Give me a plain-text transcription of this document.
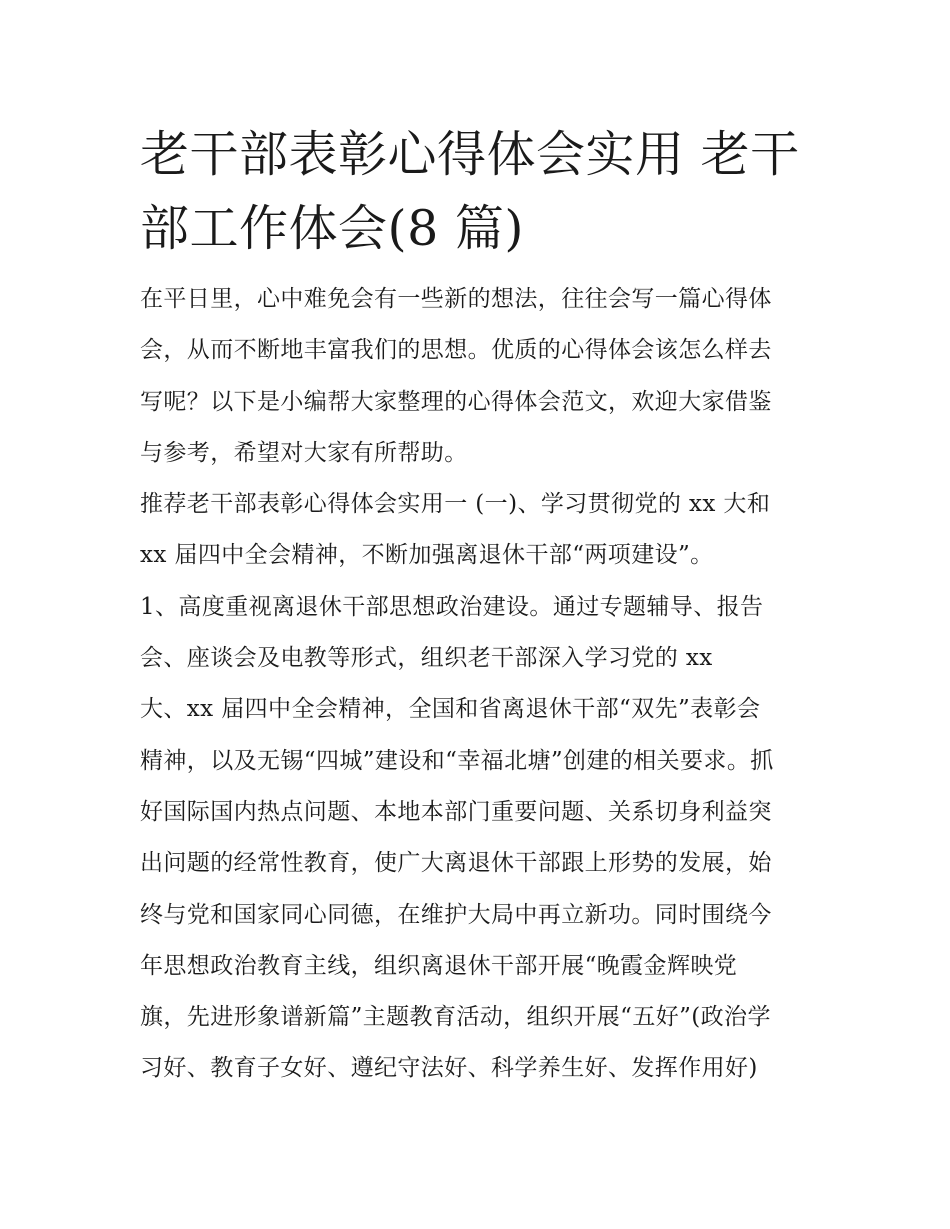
老干部表彰心得体会实用 老干
部工作体会(8 篇)
在平日里，心中难免会有一些新的想法，往往会写一篇心得体
会，从而不断地丰富我们的思想。优质的心得体会该怎么样去
写呢？以下是小编帮大家整理的心得体会范文，欢迎大家借鉴
与参考，希望对大家有所帮助。
推荐老干部表彰心得体会实用一 (一)、学习贯彻党的 xx 大和
xx 届四中全会精神，不断加强离退休干部“两项建设”。
1、高度重视离退休干部思想政治建设。通过专题辅导、报告
会、座谈会及电教等形式，组织老干部深入学习党的 xx
大、xx 届四中全会精神，全国和省离退休干部“双先”表彰会
精神，以及无锡“四城”建设和“幸福北塘”创建的相关要求。抓
好国际国内热点问题、本地本部门重要问题、关系切身利益突
出问题的经常性教育，使广大离退休干部跟上形势的发展，始
终与党和国家同心同德，在维护大局中再立新功。同时围绕今
年思想政治教育主线，组织离退休干部开展“晚霞金辉映党
旗，先进形象谱新篇”主题教育活动，组织开展“五好”(政治学
习好、教育子女好、遵纪守法好、科学养生好、发挥作用好)
